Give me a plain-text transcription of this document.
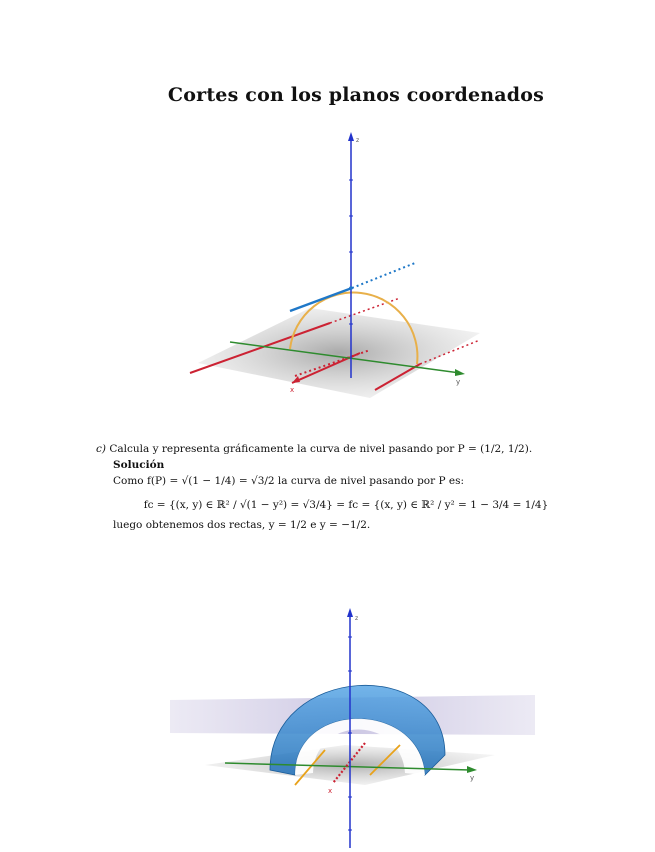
Cortes con los planos coordenados
x
y
z
c) Calcula y representa gráficamente la curva de nivel pasando por P = (1/2, 1/2).
Solución
Como f(P) = √(1 − 1/4) = √3/2 la curva de nivel pasando por P es:
fc = {(x, y) ∈ ℝ² / √(1 − y²) = √3/4} = fc = {(x, y) ∈ ℝ² / y² = 1 − 3/4 = 1/4}
luego obtenemos dos rectas, y = 1/2 e y = −1/2.
y
x
z
